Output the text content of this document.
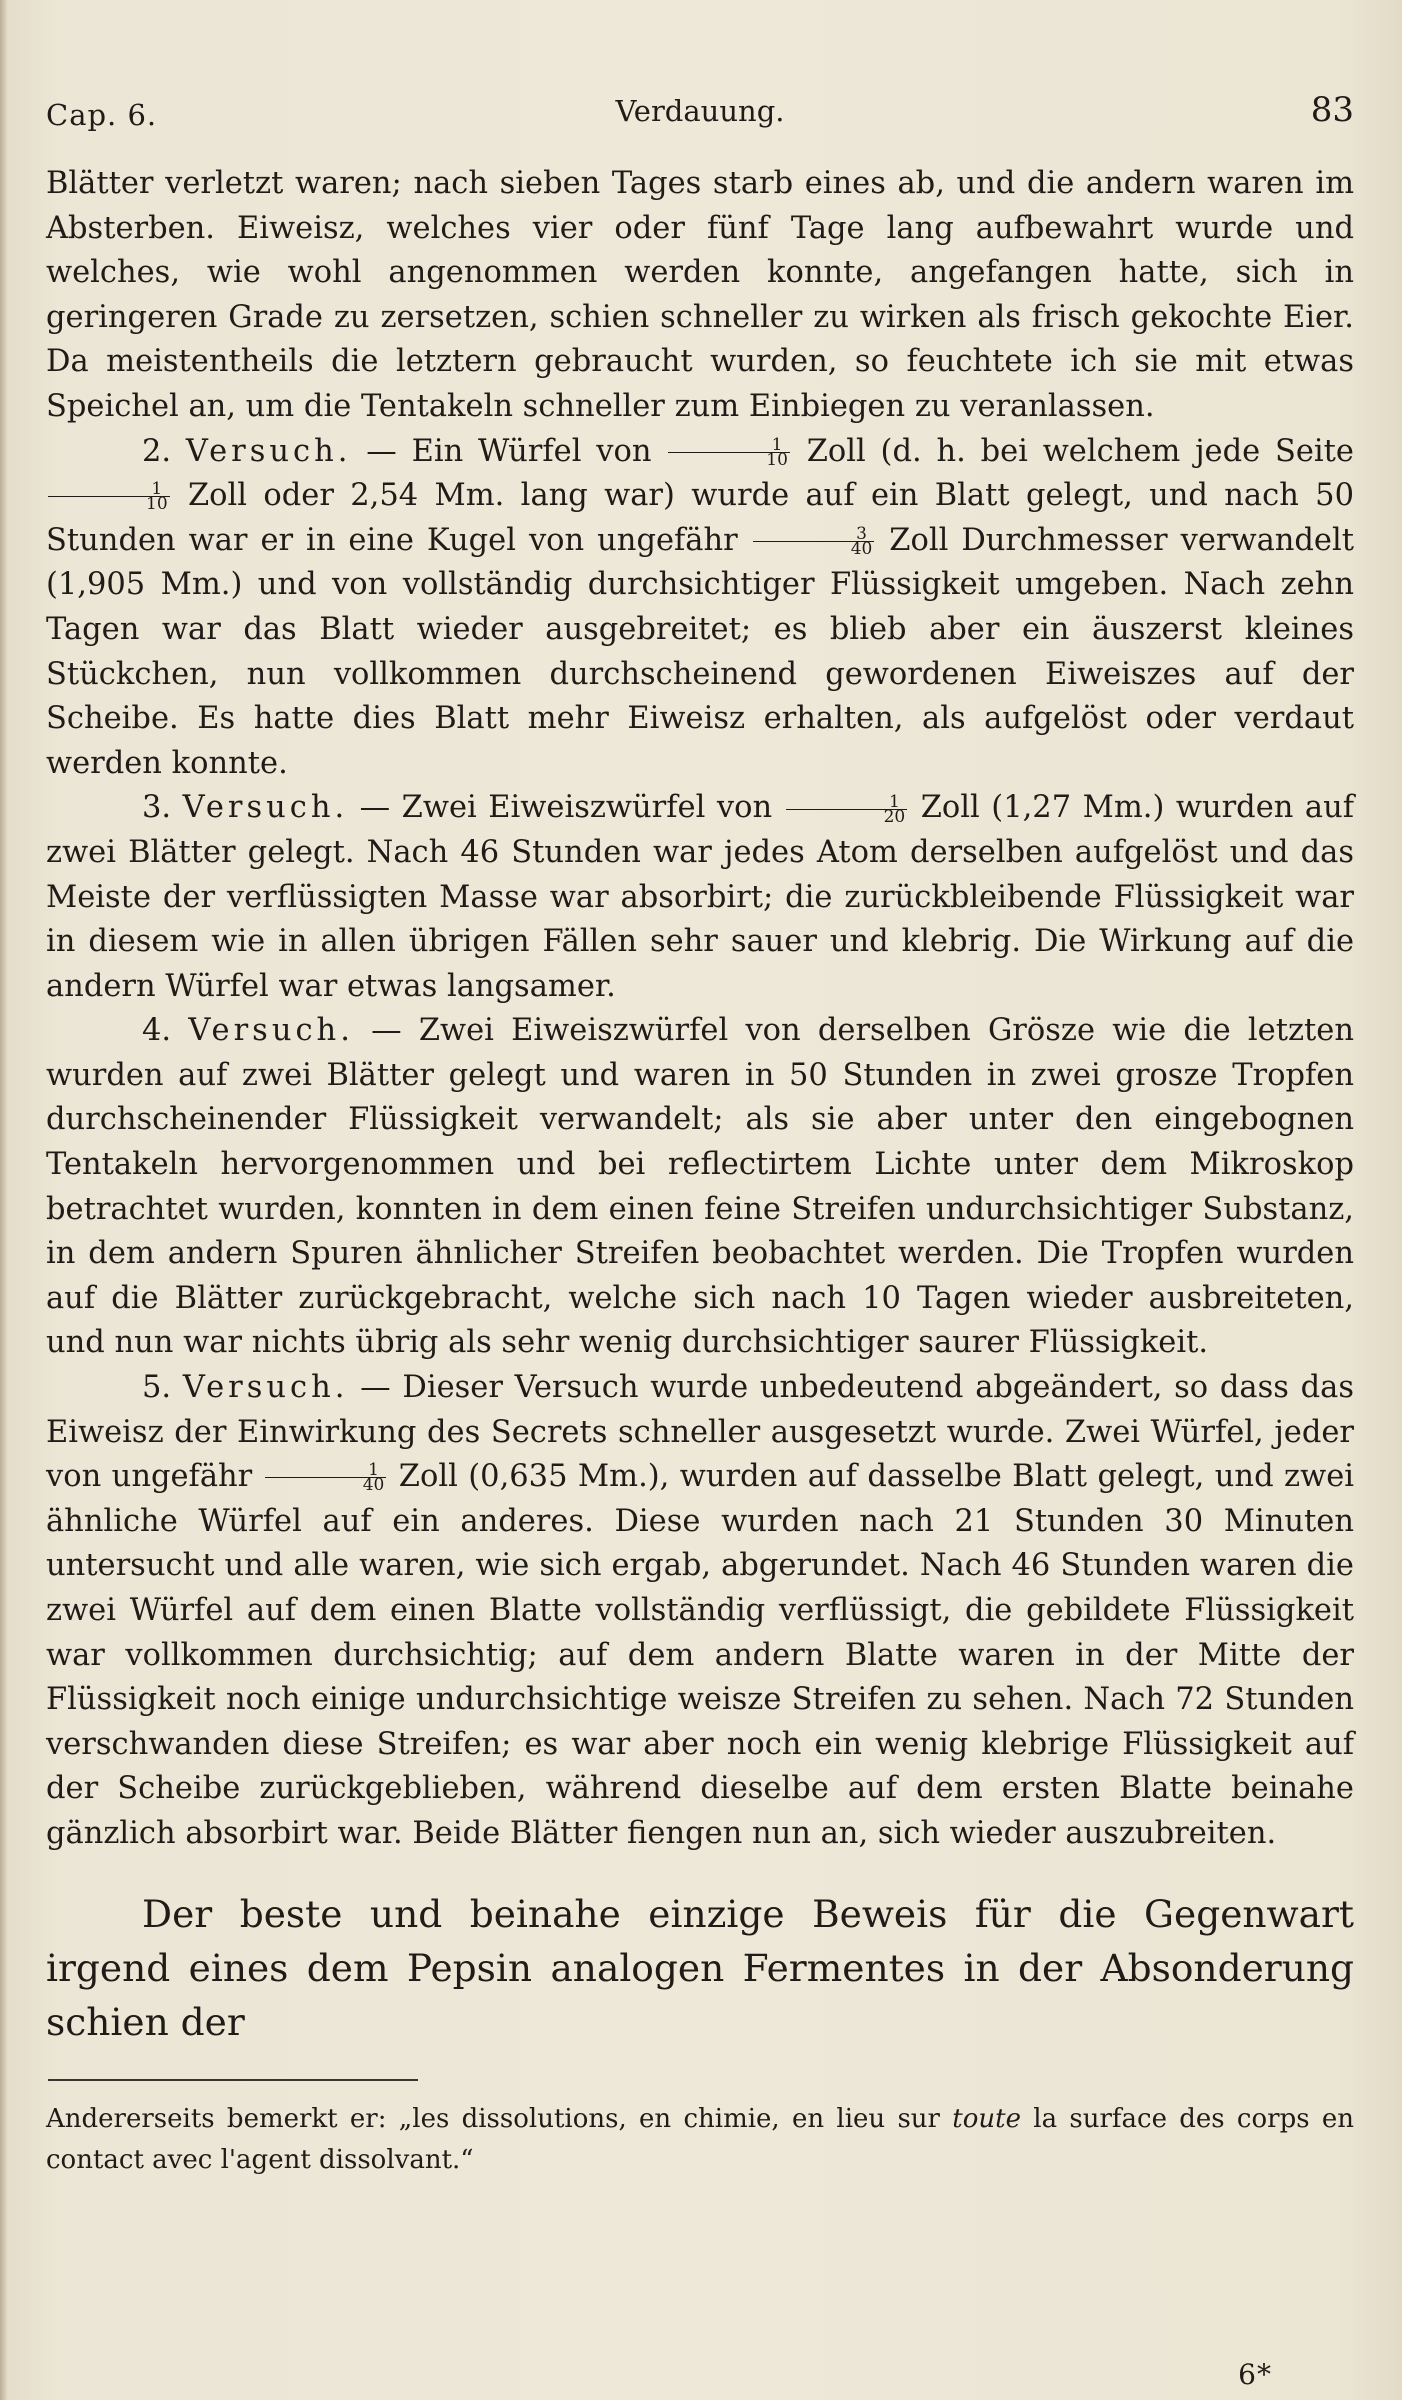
Cap. 6.	Verdauung.	83

Blätter verletzt waren; nach sieben Tages starb eines ab, und die andern waren im Absterben. Eiweisz, welches vier oder fünf Tage lang aufbewahrt wurde und welches, wie wohl angenommen werden konnte, angefangen hatte, sich in geringeren Grade zu zersetzen, schien schneller zu wirken als frisch gekochte Eier. Da meistentheils die letztern gebraucht wurden, so feuchtete ich sie mit etwas Speichel an, um die Tentakeln schneller zum Einbiegen zu veranlassen.

2. Versuch. — Ein Würfel von $\frac{1}{10}$ Zoll (d. h. bei welchem jede Seite
$\frac{1}{10}$ Zoll oder 2,54 Mm. lang war) wurde auf ein Blatt gelegt, und nach 50 Stunden war er in eine Kugel von ungefähr $\frac{3}{40}$ Zoll Durchmesser verwandelt (1,905 Mm.) und von vollständig durchsichtiger Flüssigkeit umgeben. Nach zehn Tagen war das Blatt wieder ausgebreitet; es blieb aber ein äuszerst kleines Stückchen, nun vollkommen durchscheinend gewordenen Eiweiszes auf der Scheibe. Es hatte dies Blatt mehr Eiweisz erhalten, als aufgelöst oder verdaut werden konnte.

3. Versuch. — Zwei Eiweiszwürfel von $\frac{1}{20}$ Zoll (1,27 Mm.) wurden auf zwei Blätter gelegt. Nach 46 Stunden war jedes Atom derselben aufgelöst und das Meiste der verflüssigten Masse war absorbirt; die zurückbleibende Flüssigkeit war in diesem wie in allen übrigen Fällen sehr sauer und klebrig. Die Wirkung auf die andern Würfel war etwas langsamer.

4. Versuch. — Zwei Eiweiszwürfel von derselben Grösze wie die letzten wurden auf zwei Blätter gelegt und waren in 50 Stunden in zwei grosze Tropfen durchscheinender Flüssigkeit verwandelt; als sie aber unter den eingebognen Tentakeln hervorgenommen und bei reflectirtem Lichte unter dem Mikroskop betrachtet wurden, konnten in dem einen feine Streifen undurchsichtiger Substanz, in dem andern Spuren ähnlicher Streifen beobachtet werden. Die Tropfen wurden auf die Blätter zurückgebracht, welche sich nach 10 Tagen wieder ausbreiteten, und nun war nichts übrig als sehr wenig durchsichtiger saurer Flüssigkeit.

5. Versuch. — Dieser Versuch wurde unbedeutend abgeändert, so dass das Eiweisz der Einwirkung des Secrets schneller ausgesetzt wurde. Zwei Würfel, jeder von ungefähr $\frac{1}{40}$ Zoll (0,635 Mm.), wurden auf dasselbe Blatt gelegt, und zwei ähnliche Würfel auf ein anderes. Diese wurden nach 21 Stunden 30 Minuten untersucht und alle waren, wie sich ergab, abgerundet. Nach 46 Stunden waren die zwei Würfel auf dem einen Blatte vollständig verflüssigt, die gebildete Flüssigkeit war vollkommen durchsichtig; auf dem andern Blatte waren in der Mitte der Flüssigkeit noch einige undurchsichtige weisze Streifen zu sehen. Nach 72 Stunden verschwanden diese Streifen; es war aber noch ein wenig klebrige Flüssigkeit auf der Scheibe zurückgeblieben, während dieselbe auf dem ersten Blatte beinahe gänzlich absorbirt war. Beide Blätter fiengen nun an, sich wieder auszubreiten.

Der beste und beinahe einzige Beweis für die Gegenwart irgend eines dem Pepsin analogen Fermentes in der Absonderung schien der

Andererseits bemerkt er: „les dissolutions, en chimie, en lieu sur toute la surface des corps en contact avec l'agent dissolvant.“

6*
